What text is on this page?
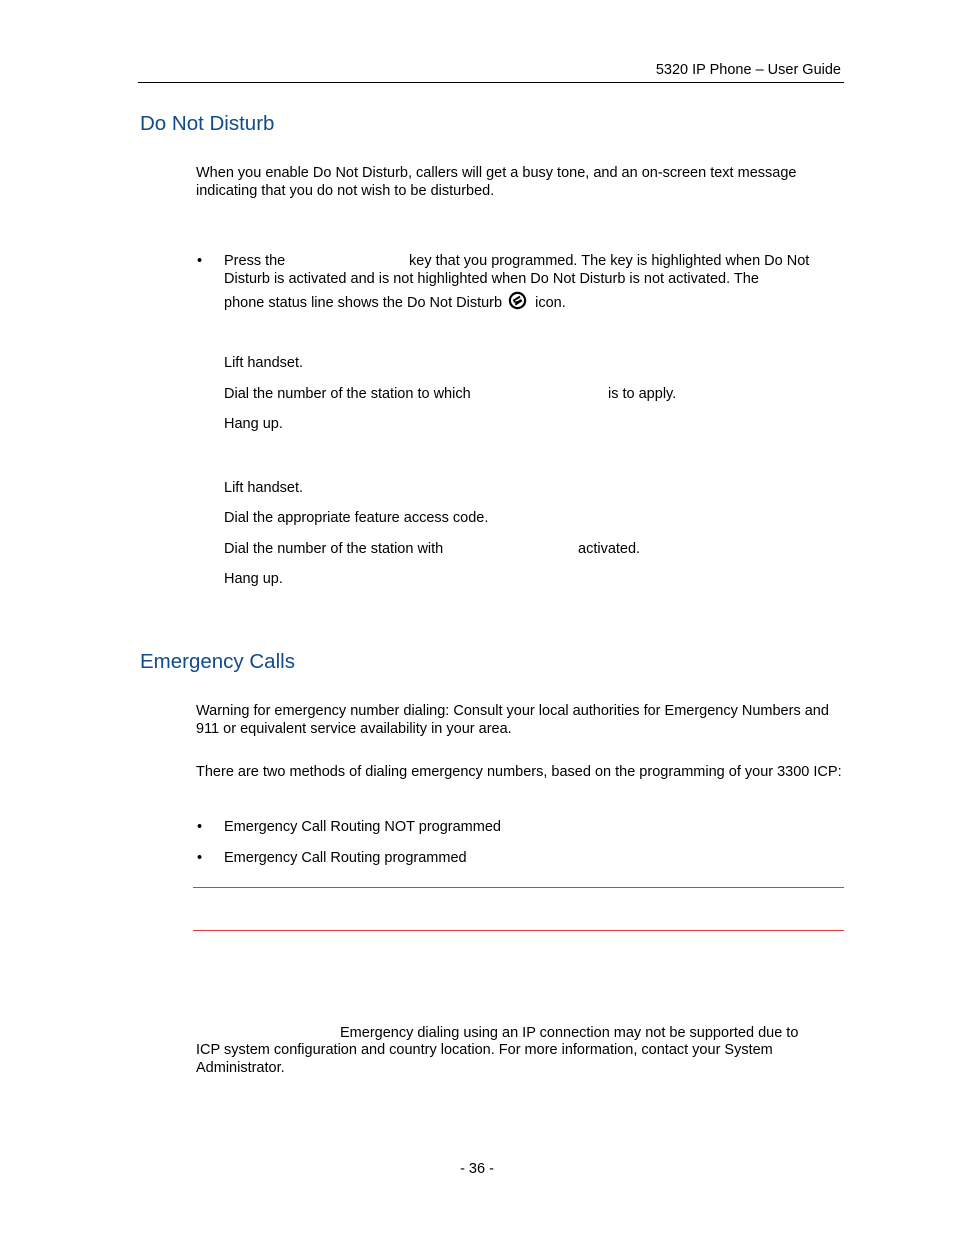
5320 IP Phone – User Guide
Do Not Disturb
When you enable Do Not Disturb, callers will get a busy tone, and an on-screen text message indicating that you do not wish to be disturbed.
• Press the	key that you programmed. The key is highlighted when Do Not
Disturb is activated and is not highlighted when Do Not Disturb is not activated. The
phone status line shows the Do Not Disturb icon.
Lift handset.
Dial the number of the station to which	is to apply.
Hang up.
Lift handset.
Dial the appropriate feature access code.
Dial the number of the station with	activated.
Hang up.
Emergency Calls
Warning for emergency number dialing: Consult your local authorities for Emergency Numbers and 911 or equivalent service availability in your area.
There are two methods of dialing emergency numbers, based on the programming of your 3300 ICP:
• Emergency Call Routing NOT programmed
• Emergency Call Routing programmed
Emergency dialing using an IP connection may not be supported due to
ICP system configuration and country location. For more information, contact your System
Administrator.
- 36 -
